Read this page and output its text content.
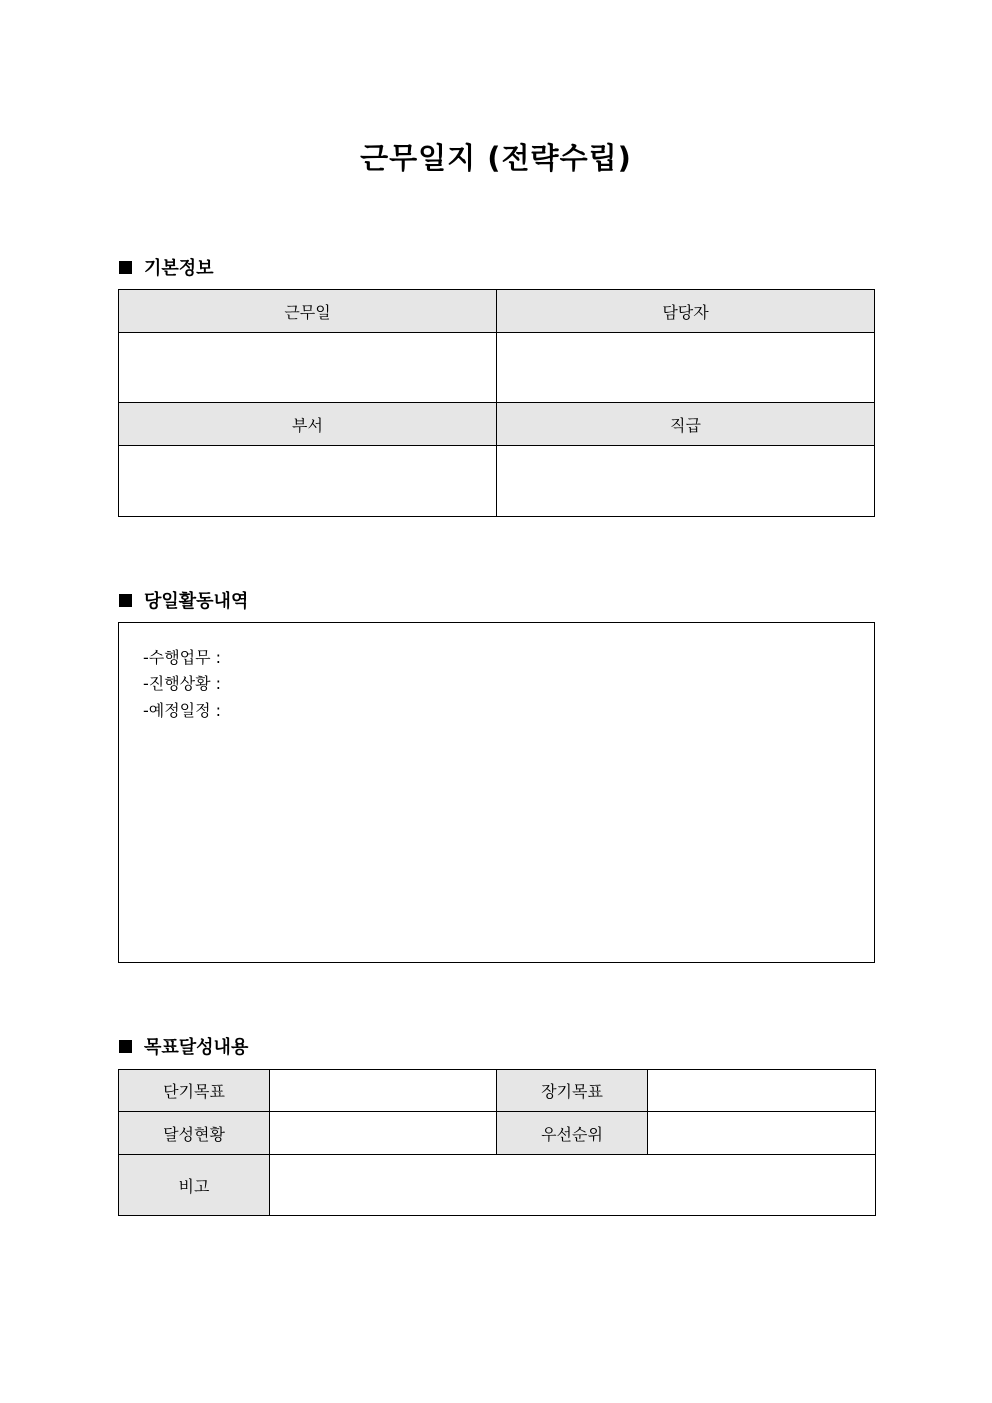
근무일지 (전략수립)
기본정보
근무일	담당자

부서	직급

당일활동내역
-수행업무 :
-진행상황 :
-예정일정 :
목표달성내용
단기목표		장기목표	
달성현황		우선순위	
비고			
